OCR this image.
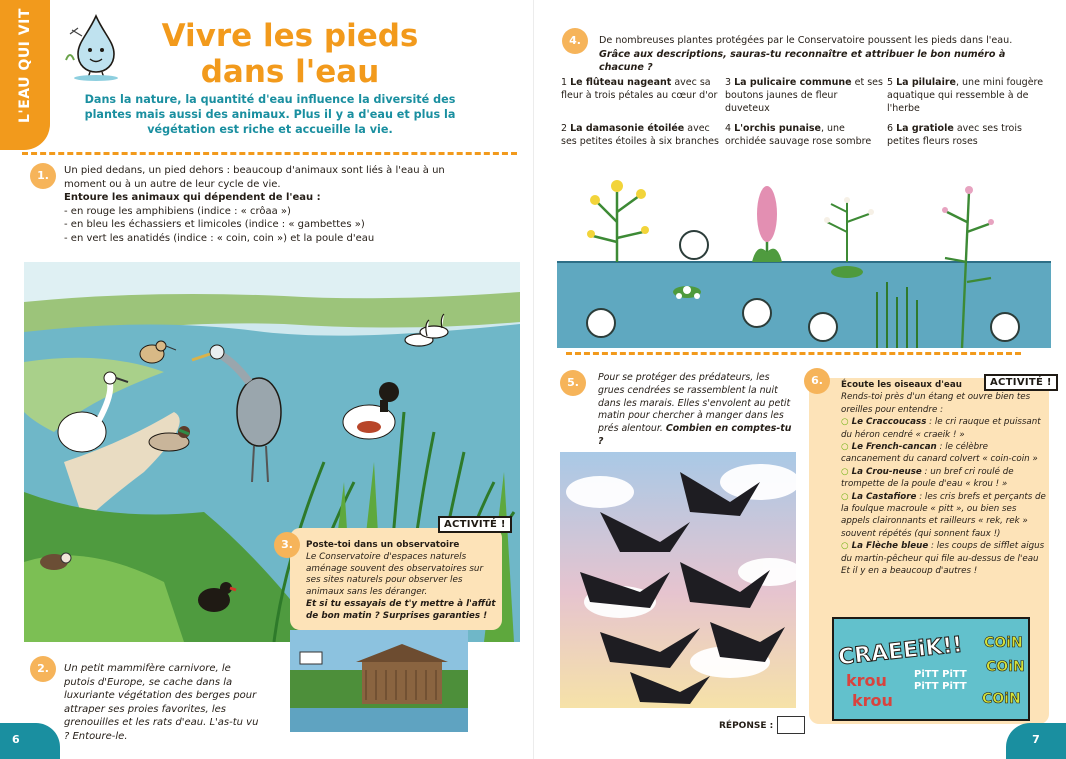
L'EAU QUI VIT	Vivre les pieds dans l'eau
Dans la nature, la quantité d'eau influence la diversité des plantes mais aussi des animaux. Plus il y a d'eau et plus la végétation est riche et accueille la vie.
1.	Un pied dedans, un pied dehors : beaucoup d'animaux sont liés à l'eau à un moment ou à un autre de leur cycle de vie.
Entoure les animaux qui dépendent de l'eau :
- en rouge les amphibiens (indice : « crôaa »)
- en bleu les échassiers et limicoles (indice : « gambettes »)
- en vert les anatidés (indice : « coin, coin ») et la poule d'eau
ACTIVITÉ !
3.	Poste-toi dans un observatoire
Le Conservatoire d'espaces naturels aménage souvent des observatoires sur ses sites naturels pour observer les animaux sans les déranger.
Et si tu essayais de t'y mettre à l'affût de bon matin ? Surprises garanties !
2.	Un petit mammifère carnivore, le putois d'Europe, se cache dans la luxuriante végétation des berges pour attraper ses proies favorites, les grenouilles et les rats d'eau. L'as-tu vu ? Entoure-le.
6
4.	De nombreuses plantes protégées par le Conservatoire poussent les pieds dans l'eau.
Grâce aux descriptions, sauras-tu reconnaître et attribuer le bon numéro à chacune ?
1 Le flûteau nageant avec sa fleur à trois pétales au cœur d'or
2 La damasonie étoilée avec ses petites étoiles à six branches
3 La pulicaire commune et ses boutons jaunes de fleur duveteux
4 L'orchis punaise, une orchidée sauvage rose sombre
5 La pilulaire, une mini fougère aquatique qui ressemble à de l'herbe
6 La gratiole avec ses trois petites fleurs roses
5.	Pour se protéger des prédateurs, les grues cendrées se rassemblent la nuit dans les marais. Elles s'envolent au petit matin pour chercher à manger dans les prés alentour. Combien en comptes-tu ?
RÉPONSE :
ACTIVITÉ !
6.	Écoute les oiseaux d'eau
Rends-toi près d'un étang et ouvre bien tes oreilles pour entendre :
○ Le Craccoucass : le cri rauque et puissant du héron cendré « craeik ! »
○ Le French-cancan : le célèbre cancanement du canard colvert « coin-coin »
○ La Crou-neuse : un bref cri roulé de trompette de la poule d'eau « krou ! »
○ La Castafiore : les cris brefs et perçants de la foulque macroule « pitt », ou bien ses appels claironnants et railleurs « rek, rek » souvent répétés (qui sonnent faux !)
○ La Flèche bleue : les coups de sifflet aigus du martin-pêcheur qui file au-dessus de l'eau
Et il y en a beaucoup d'autres !
CRAEEiK!!
krou
krou
PiTT PiTT PiTT PiTT
COiN
COiN
COiN
7
